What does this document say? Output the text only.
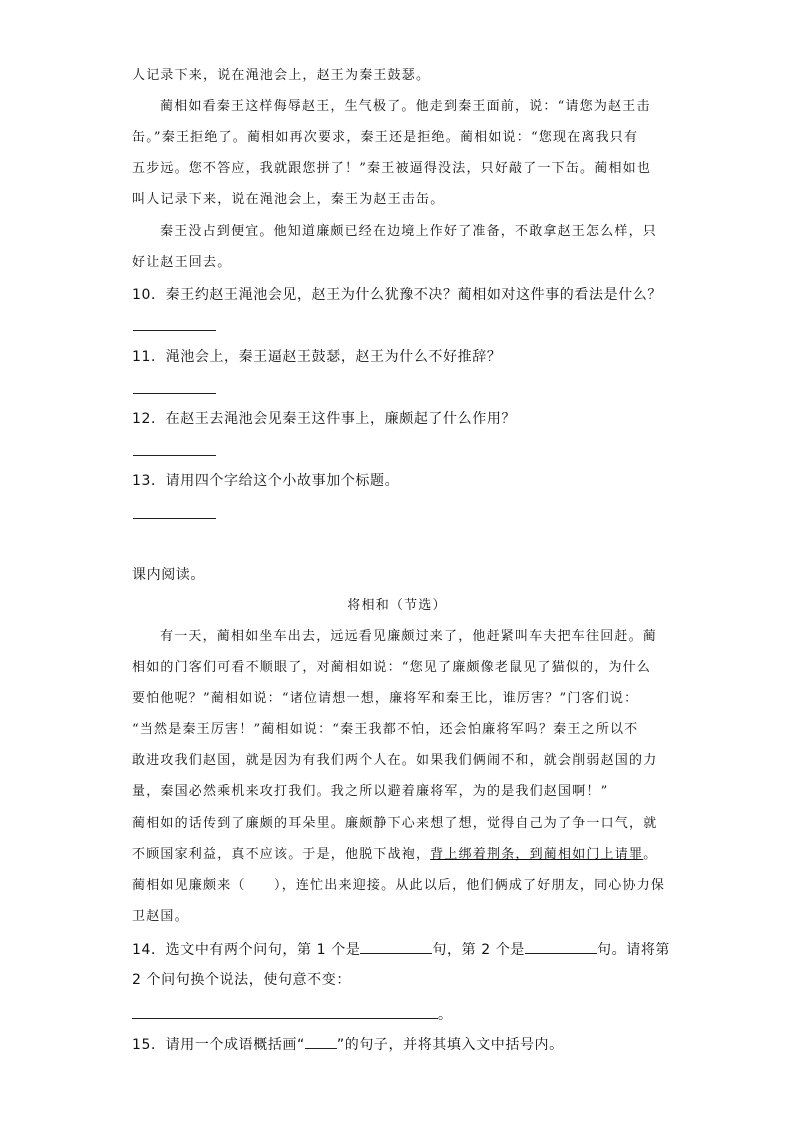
人记录下来，说在渑池会上，赵王为秦王鼓瑟。
蔺相如看秦王这样侮辱赵王，生气极了。他走到秦王面前，说：“请您为赵王击
缶。”秦王拒绝了。蔺相如再次要求，秦王还是拒绝。蔺相如说：“您现在离我只有
五步远。您不答应，我就跟您拼了！”秦王被逼得没法，只好敲了一下缶。蔺相如也
叫人记录下来，说在渑池会上，秦王为赵王击缶。
秦王没占到便宜。他知道廉颇已经在边境上作好了准备，不敢拿赵王怎么样，只
好让赵王回去。
10．秦王约赵王渑池会见，赵王为什么犹豫不决？蔺相如对这件事的看法是什么？
11．渑池会上，秦王逼赵王鼓瑟，赵王为什么不好推辞？
12．在赵王去渑池会见秦王这件事上，廉颇起了什么作用？
13．请用四个字给这个小故事加个标题。
课内阅读。
将相和（节选）
有一天，蔺相如坐车出去，远远看见廉颇过来了，他赶紧叫车夫把车往回赶。蔺
相如的门客们可看不顺眼了，对蔺相如说：“您见了廉颇像老鼠见了猫似的，为什么
要怕他呢？”蔺相如说：“诸位请想一想，廉将军和秦王比，谁厉害？”门客们说：
“当然是秦王厉害！”蔺相如说：“秦王我都不怕，还会怕廉将军吗？秦王之所以不
敢进攻我们赵国，就是因为有我们两个人在。如果我们俩闹不和，就会削弱赵国的力
量，秦国必然乘机来攻打我们。我之所以避着廉将军，为的是我们赵国啊！”
蔺相如的话传到了廉颇的耳朵里。廉颇静下心来想了想，觉得自己为了争一口气，就
不顾国家利益，真不应该。于是，他脱下战袍，背上绑着荆条，到蔺相如门上请罪。
蔺相如见廉颇来（　　），连忙出来迎接。从此以后，他们俩成了好朋友，同心协力保
卫赵国。
14．选文中有两个问句，第 1 个是	句，第 2 个是	句。请将第
2 个问句换个说法，使句意不变：
。
15．请用一个成语概括画“ ”的句子，并将其填入文中括号内。
